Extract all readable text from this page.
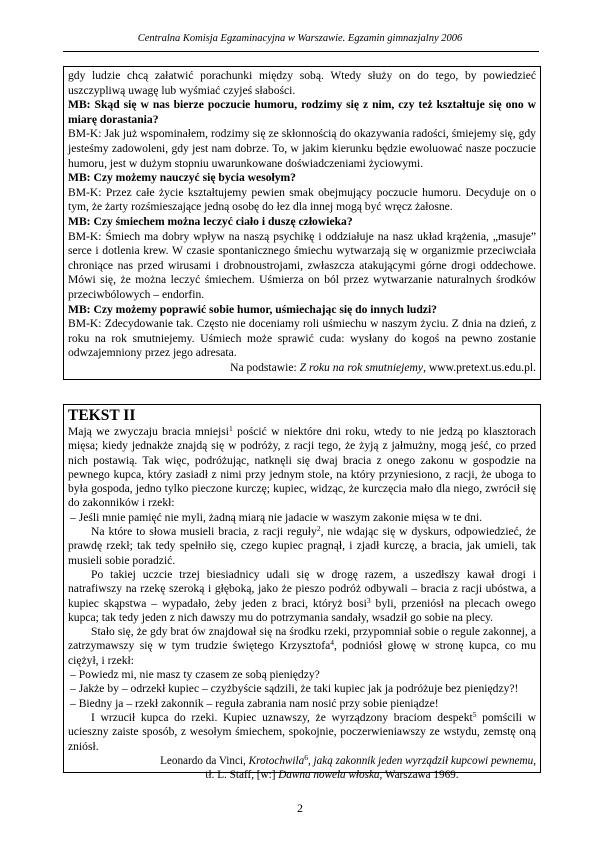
Centralna Komisja Egzaminacyjna w Warszawie. Egzamin gimnazjalny 2006

gdy ludzie chcą załatwić porachunki między sobą. Wtedy służy on do tego, by powiedzieć uszczypliwą uwagę lub wyśmiać czyjeś słabości.

MB: Skąd się w nas bierze poczucie humoru, rodzimy się z nim, czy też kształtuje się ono w miarę dorastania?

BM-K: Jak już wspominałem, rodzimy się ze skłonnością do okazywania radości, śmiejemy się, gdy jesteśmy zadowoleni, gdy jest nam dobrze. To, w jakim kierunku będzie ewoluować nasze poczucie humoru, jest w dużym stopniu uwarunkowane doświadczeniami życiowymi.

MB: Czy możemy nauczyć się bycia wesołym?

BM-K: Przez całe życie kształtujemy pewien smak obejmujący poczucie humoru. Decyduje on o tym, że żarty rozśmieszające jedną osobę do łez dla innej mogą być wręcz żałosne.

MB: Czy śmiechem można leczyć ciało i duszę człowieka?

BM-K: Śmiech ma dobry wpływ na naszą psychikę i oddziałuje na nasz układ krążenia, „masuje” serce i dotlenia krew. W czasie spontanicznego śmiechu wytwarzają się w organizmie przeciwciała chroniące nas przed wirusami i drobnoustrojami, zwłaszcza atakującymi górne drogi oddechowe. Mówi się, że można leczyć śmiechem. Uśmierza on ból przez wytwarzanie naturalnych środków przeciwbólowych – endorfin.

MB: Czy możemy poprawić sobie humor, uśmiechając się do innych ludzi?

BM-K: Zdecydowanie tak. Często nie doceniamy roli uśmiechu w naszym życiu. Z dnia na dzień, z roku na rok smutniejemy. Uśmiech może sprawić cuda: wysłany do kogoś na pewno zostanie odwzajemniony przez jego adresata.

Na podstawie: Z roku na rok smutniejemy, www.pretext.us.edu.pl.

TEKST II

Mają we zwyczaju bracia mniejsi$^1$ pościć w niektóre dni roku, wtedy to nie jedzą po klasztorach mięsa; kiedy jednakże znajdą się w podróży, z racji tego, że żyją z jałmużny, mogą jeść, co przed nich postawią. Tak więc, podróżując, natknęli się dwaj bracia z onego zakonu w gospodzie na pewnego kupca, który zasiadł z nimi przy jednym stole, na który przyniesiono, z racji, że uboga to była gospoda, jedno tylko pieczone kurczę; kupiec, widząc, że kurczęcia mało dla niego, zwrócił się do zakonników i rzekł:

– Jeśli mnie pamięć nie myli, żadną miarą nie jadacie w waszym zakonie mięsa w te dni.

Na które to słowa musieli bracia, z racji reguły$^2$, nie wdając się w dyskurs, odpowiedzieć, że prawdę rzekł; tak tedy spełniło się, czego kupiec pragnął, i zjadł kurczę, a bracia, jak umieli, tak musieli sobie poradzić.

Po takiej uczcie trzej biesiadnicy udali się w drogę razem, a uszedłszy kawał drogi i natrafiwszy na rzekę szeroką i głęboką, jako że pieszo podróż odbywali – bracia z racji ubóstwa, a kupiec skąpstwa – wypadało, żeby jeden z braci, któryż bosi$^3$ byli, przeniósł na plecach owego kupca; tak tedy jeden z nich dawszy mu do potrzymania sandały, wsadził go sobie na plecy.

Stało się, że gdy brat ów znajdował się na środku rzeki, przypomniał sobie o regule zakonnej, a zatrzymawszy się w tym trudzie świętego Krzysztofa$^4$, podniósł głowę w stronę kupca, co mu ciężył, i rzekł:

– Powiedz mi, nie masz ty czasem ze sobą pieniędzy?

– Jakże by – odrzekł kupiec – czyżbyście sądzili, że taki kupiec jak ja podróżuje bez pieniędzy?!

– Biedny ja – rzekł zakonnik – reguła zabrania nam nosić przy sobie pieniądze!

I wrzucił kupca do rzeki. Kupiec uznawszy, że wyrządzony braciom despekt$^5$ pomścili w ucieszny zaiste sposób, z wesołym śmiechem, spokojnie, poczerwieniawszy ze wstydu, zemstę oną zniósł.

Leonardo da Vinci, Krotochwila$^6$, jaką zakonnik jeden wyrządził kupcowi pewnemu,
tł. L. Staff, [w:] Dawna nowela włoska, Warszawa 1969.
2
